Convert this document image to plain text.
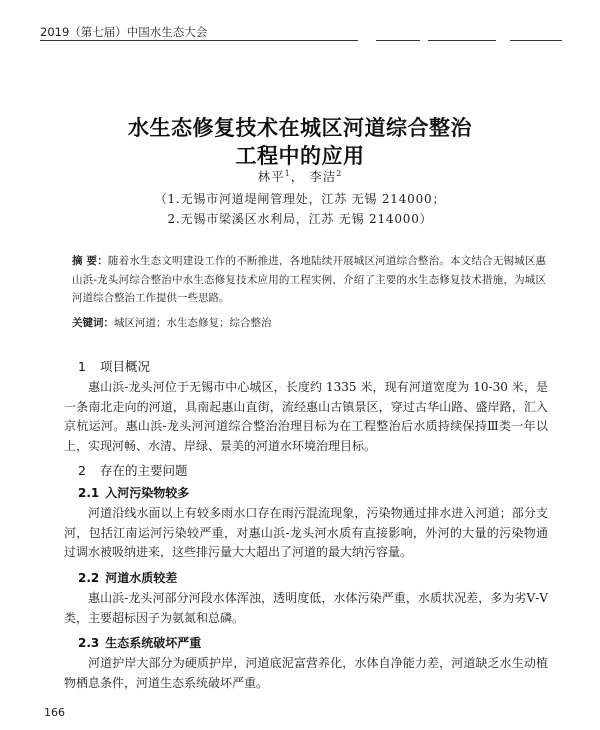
2019（第七届）中国水生态大会
水生态修复技术在城区河道综合整治
工程中的应用
林平$^1$， 李洁$^2$
（1.无锡市河道堤闸管理处，江苏 无锡 214000；
2.无锡市梁溪区水利局，江苏 无锡 214000）
摘 要：随着水生态文明建设工作的不断推进，各地陆续开展城区河道综合整治。本文结合无锡城区惠山浜-龙头河综合整治中水生态修复技术应用的工程实例，介绍了主要的水生态修复技术措施，为城区河道综合整治工作提供一些思路。
关键词：城区河道；水生态修复；综合整治
1 项目概况
惠山浜-龙头河位于无锡市中心城区，长度约 1335 米，现有河道宽度为 10-30 米，是一条南北走向的河道，具南起惠山直街，流经惠山古镇景区，穿过古华山路、盛岸路，汇入京杭运河。惠山浜-龙头河河道综合整治治理目标为在工程整治后水质持续保持Ⅲ类一年以上，实现河畅、水清、岸绿、景美的河道水环境治理目标。
2 存在的主要问题
2.1 入河污染物较多
河道沿线水面以上有较多雨水口存在雨污混流现象，污染物通过排水进入河道；部分支河，包括江南运河污染较严重，对惠山浜-龙头河水质有直接影响，外河的大量的污染物通过调水被吸纳进来，这些排污量大大超出了河道的最大纳污容量。
2.2 河道水质较差
惠山浜-龙头河部分河段水体浑浊，透明度低，水体污染严重，水质状况差，多为劣Ⅴ-Ⅴ类，主要超标因子为氨氮和总磷。
2.3 生态系统破坏严重
河道护岸大部分为硬质护岸，河道底泥富营养化，水体自净能力差，河道缺乏水生动植物栖息条件，河道生态系统破坏严重。
166
